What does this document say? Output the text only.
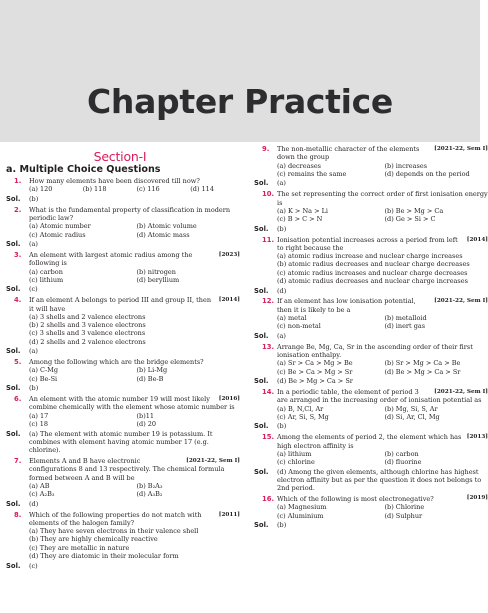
Chapter Practice
Section-I
a. Multiple Choice Questions
1.	How many elements have been discovered till now?
(a) 120	(b) 118	(c) 116	(d) 114
Sol. (b)
2.	What is the fundamental property of classification in modern periodic law?
(a) Atomic number	(b) Atomic volume
(c) Atomic radius	(d) Atomic mass
Sol. (a)
3.	[2023]
An element with largest atomic radius among the following is
(a) carbon	(b) nitrogen
(c) lithium	(d) beryllium
Sol. (c)
4.	[2014]
If an element A belongs to period III and group II, then it will have
(a) 3 shells and 2 valence electrons
(b) 2 shells and 3 valence electrons
(c) 3 shells and 3 valence electrons
(d) 2 shells and 2 valence electrons
Sol. (a)
5.	Among the following which are the bridge elements?
(a) C-Mg	(b) Li-Mg
(c) Be-Si	(d) Be-B
Sol. (b)
6.	[2016]
An element with the atomic number 19 will most likely combine chemically with the element whose atomic number is
(a) 17	(b)11
(c) 18	(d) 20
Sol. (a) The element with atomic number 19 is potassium. It combines with element having atomic number 17 (e.g. chlorine).
7.	[2021-22, Sem I]
Elements A and B have electronic configurations 8 and 13 respectively. The chemical formula formed between A and B will be
(a) AB	(b) B₂A₃
(c) A₂B₃	(d) A₃B₂
Sol. (d)
8.	[2011]
Which of the following properties do not match with elements of the halogen family?
(a) They have seven electrons in their valence shell
(b) They are highly chemically reactive
(c) They are metallic in nature
(d) They are diatomic in their molecular form
Sol. (c)
9.	[2021-22, Sem I]
The non-metallic character of the elements down the group
(a) decreases	(b) increases
(c) remains the same	(d) depends on the period
Sol. (a)
10. The set representing the correct order of first ionisation energy is
(a) K > Na > Li	(b) Be > Mg > Ca
(c) B > C > N	(d) Ge > Si > C
Sol. (b)
11.	[2014]
Ionisation potential increases across a period from left to right because the
(a) atomic radius increase and nuclear charge increases
(b) atomic radius decreases and nuclear charge decreases
(c) atomic radius increases and nuclear charge decreases
(d) atomic radius decreases and nuclear charge increases
Sol. (d)
12.	[2021-22, Sem I]
If an element has low ionisation potential, then it is likely to be a
(a) metal	(b) metalloid
(c) non-metal	(d) inert gas
Sol. (a)
13. Arrange Be, Mg, Ca, Sr in the ascending order of their first ionisation enthalpy.
(a) Sr > Ca > Mg > Be	(b) Sr > Mg > Ca > Be
(c) Be > Ca > Mg > Sr	(d) Be > Mg > Ca > Sr
Sol. (d) Be > Mg > Ca > Sr
14.	[2021-22, Sem I]
In a periodic table, the element of period 3 are arranged in the increasing order of ionisation potential as
(a) B, N,Cl, Ar	(b) Mg, Si, S, Ar
(c) Ar, Si, S, Mg	(d) Si, Ar, Cl, Mg
Sol. (b)
15.	[2013]
Among the elements of period 2, the element which has high electron affinity is
(a) lithium	(b) carbon
(c) chlorine	(d) fluorine
Sol. (d) Among the given elements, although chlorine has highest electron affinity but as per the question it does not belongs to 2nd period.
16. Which of the following is most electronegative?	[2019]
(a) Magnesium	(b) Chlorine
(c) Aluminium	(d) Sulphur
Sol. (b)
